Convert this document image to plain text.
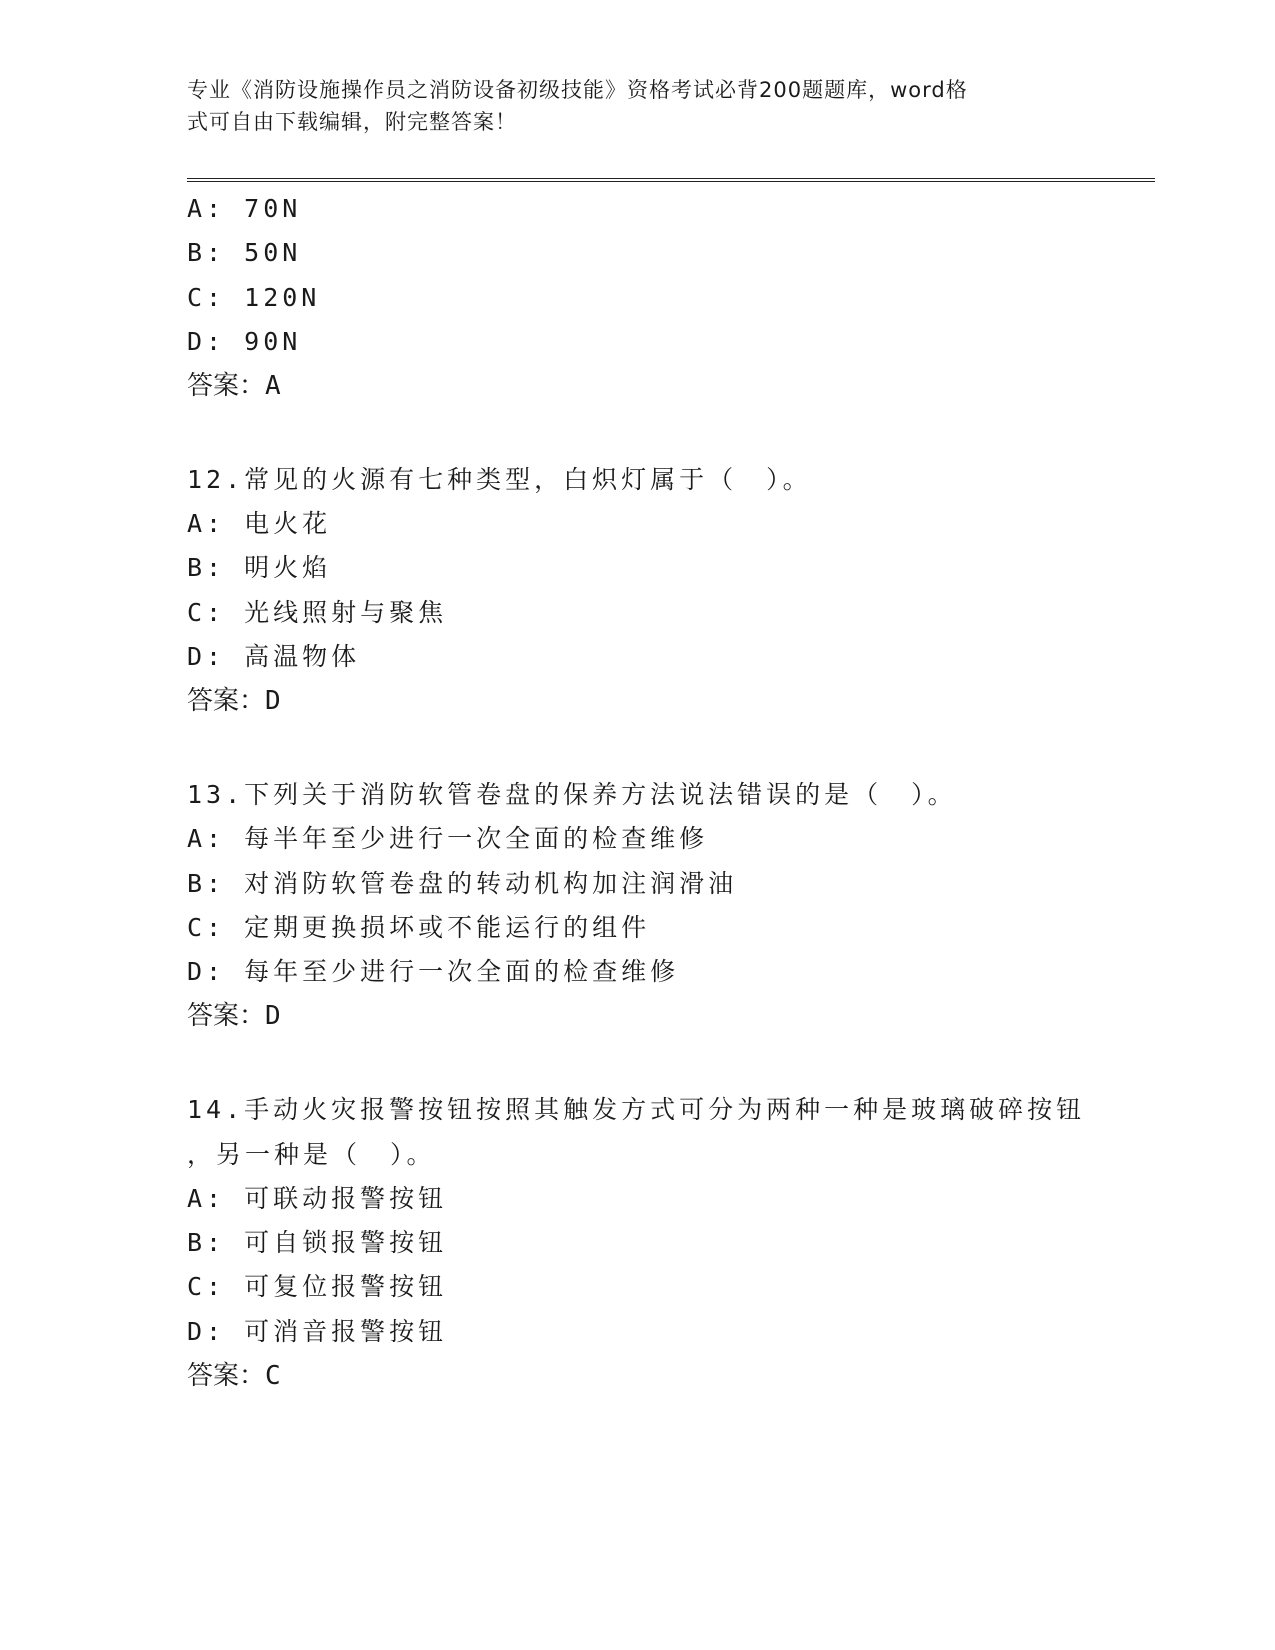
专业《消防设施操作员之消防设备初级技能》资格考试必背200题题库，word格
式可自由下载编辑，附完整答案！
A: 70N
B: 50N
C: 120N
D: 90N
答案：A
12.常见的火源有七种类型，白炽灯属于（　）。
A: 电火花
B: 明火焰
C: 光线照射与聚焦
D: 高温物体
答案：D
13.下列关于消防软管卷盘的保养方法说法错误的是（　）。
A: 每半年至少进行一次全面的检查维修
B: 对消防软管卷盘的转动机构加注润滑油
C: 定期更换损坏或不能运行的组件
D: 每年至少进行一次全面的检查维修
答案：D
14.手动火灾报警按钮按照其触发方式可分为两种一种是玻璃破碎按钮
，另一种是（　）。
A: 可联动报警按钮
B: 可自锁报警按钮
C: 可复位报警按钮
D: 可消音报警按钮
答案：C
